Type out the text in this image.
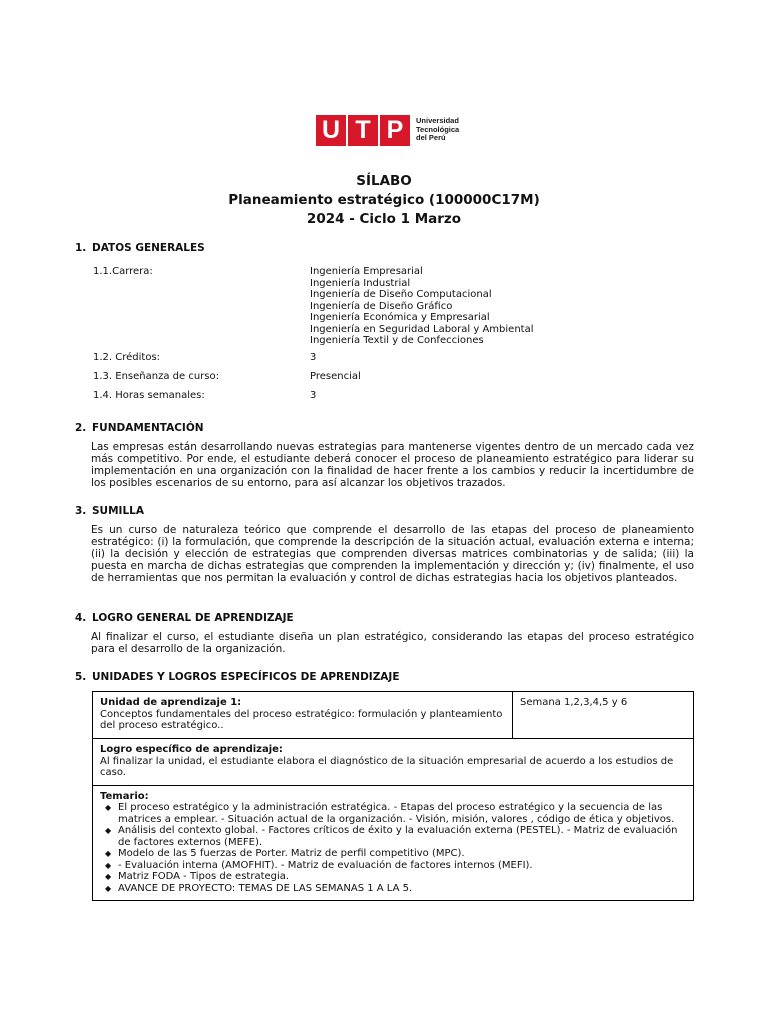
U T P	Universidad
Tecnológica
del Perú
SÍLABO
Planeamiento estratégico (100000C17M)
2024 - Ciclo 1 Marzo
1. DATOS GENERALES
1.1.Carrera:	Ingeniería Empresarial
Ingeniería Industrial
Ingeniería de Diseño Computacional
Ingeniería de Diseño Gráfico
Ingeniería Económica y Empresarial
Ingeniería en Seguridad Laboral y Ambiental
Ingeniería Textil y de Confecciones
1.2. Créditos:	3
1.3. Enseñanza de curso:	Presencial
1.4. Horas semanales:	3
2. FUNDAMENTACIÓN

Las empresas están desarrollando nuevas estrategias para mantenerse vigentes dentro de un mercado cada vez más competitivo. Por ende, el estudiante deberá conocer el proceso de planeamiento estratégico para liderar su implementación en una organización con la finalidad de hacer frente a los cambios y reducir la incertidumbre de los posibles escenarios de su entorno, para así alcanzar los objetivos trazados.

3. SUMILLA

Es un curso de naturaleza teórico que comprende el desarrollo de las etapas del proceso de planeamiento estratégico: (i) la formulación, que comprende la descripción de la situación actual, evaluación externa e interna; (ii) la decisión y elección de estrategias que comprenden diversas matrices combinatorias y de salida; (iii) la puesta en marcha de dichas estrategias que comprenden la implementación y dirección y; (iv) finalmente, el uso de herramientas que nos permitan la evaluación y control de dichas estrategias hacia los objetivos planteados.

4. LOGRO GENERAL DE APRENDIZAJE

Al finalizar el curso, el estudiante diseña un plan estratégico, considerando las etapas del proceso estratégico para el desarrollo de la organización.

5. UNIDADES Y LOGROS ESPECÍFICOS DE APRENDIZAJE
Unidad de aprendizaje 1:
Conceptos fundamentales del proceso estratégico: formulación y planteamiento del proceso estratégico..	Semana 1,2,3,4,5 y 6

Logro específico de aprendizaje:
Al finalizar la unidad, el estudiante elabora el diagnóstico de la situación empresarial de acuerdo a los estudios de caso.

Temario:
◆ El proceso estratégico y la administración estratégica. - Etapas del proceso estratégico y la secuencia de las matrices a emplear. - Situación actual de la organización. - Visión, misión, valores , código de ética y objetivos.
◆ Análisis del contexto global. - Factores críticos de éxito y la evaluación externa (PESTEL). - Matriz de evaluación de factores externos (MEFE).
◆ Modelo de las 5 fuerzas de Porter. Matriz de perfil competitivo (MPC).
◆ - Evaluación interna (AMOFHIT). - Matriz de evaluación de factores internos (MEFI).
◆ Matriz FODA - Tipos de estrategia.
◆ AVANCE DE PROYECTO: TEMAS DE LAS SEMANAS 1 A LA 5.
